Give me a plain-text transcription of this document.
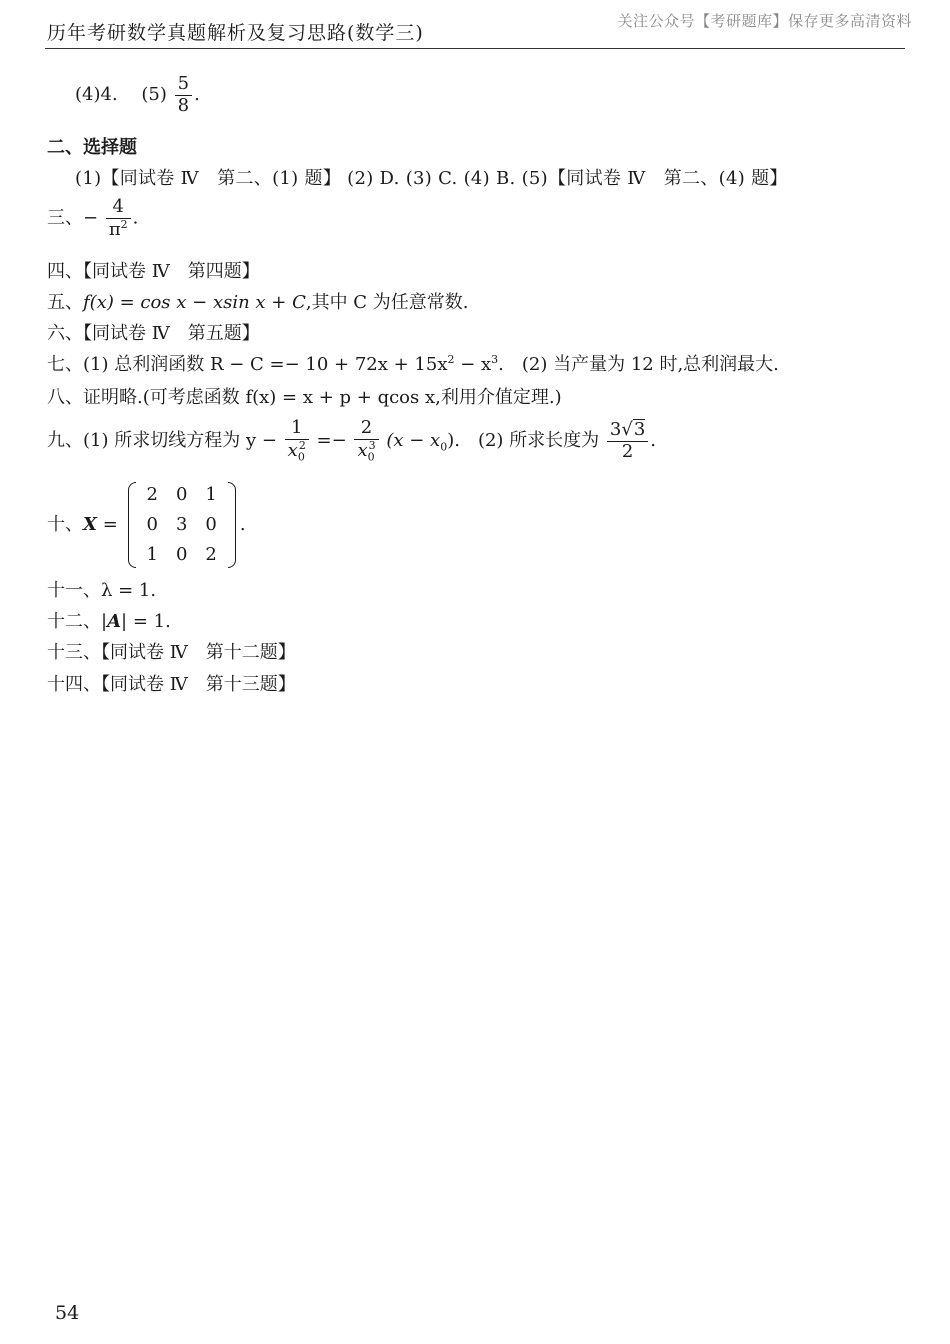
历年考研数学真题解析及复习思路(数学三)
关注公众号【考研题库】保存更多高清资料
(4)4. $(5) \frac{5}{8}$ .
二、选择题
(1)【同试卷 Ⅳ　第二、(1) 题】 (2) D. (3) C. (4) B. (5)【同试卷 Ⅳ　第二、(4) 题】
三、− $\frac{4}{\pi^2}$ .
四、【同试卷 Ⅳ　第四题】
五、f(x) = cos x − xsin x + C,其中 C 为任意常数.
六、【同试卷 Ⅳ　第五题】
七、(1) 总利润函数 $R - C =- 10 + 72x + 15x^2 - x^3$.　(2) 当产量为 12 时,总利润最大.
八、证明略.(可考虑函数 f(x) = x + p + qcos x,利用介值定理.)
九、(1) 所求切线方程为 $y - \frac{1}{x_0^2} =- \frac{2}{x_0^3} (x - x_0)$.　(2) 所求长度为 $\frac{3√3}{2}$ .
十、X =
2	0	1
0	3	0
1	0	2
.
十一、λ = 1.
十二、|A| = 1.
十三、【同试卷 Ⅳ　第十二题】
十四、【同试卷 Ⅳ　第十三题】
54
